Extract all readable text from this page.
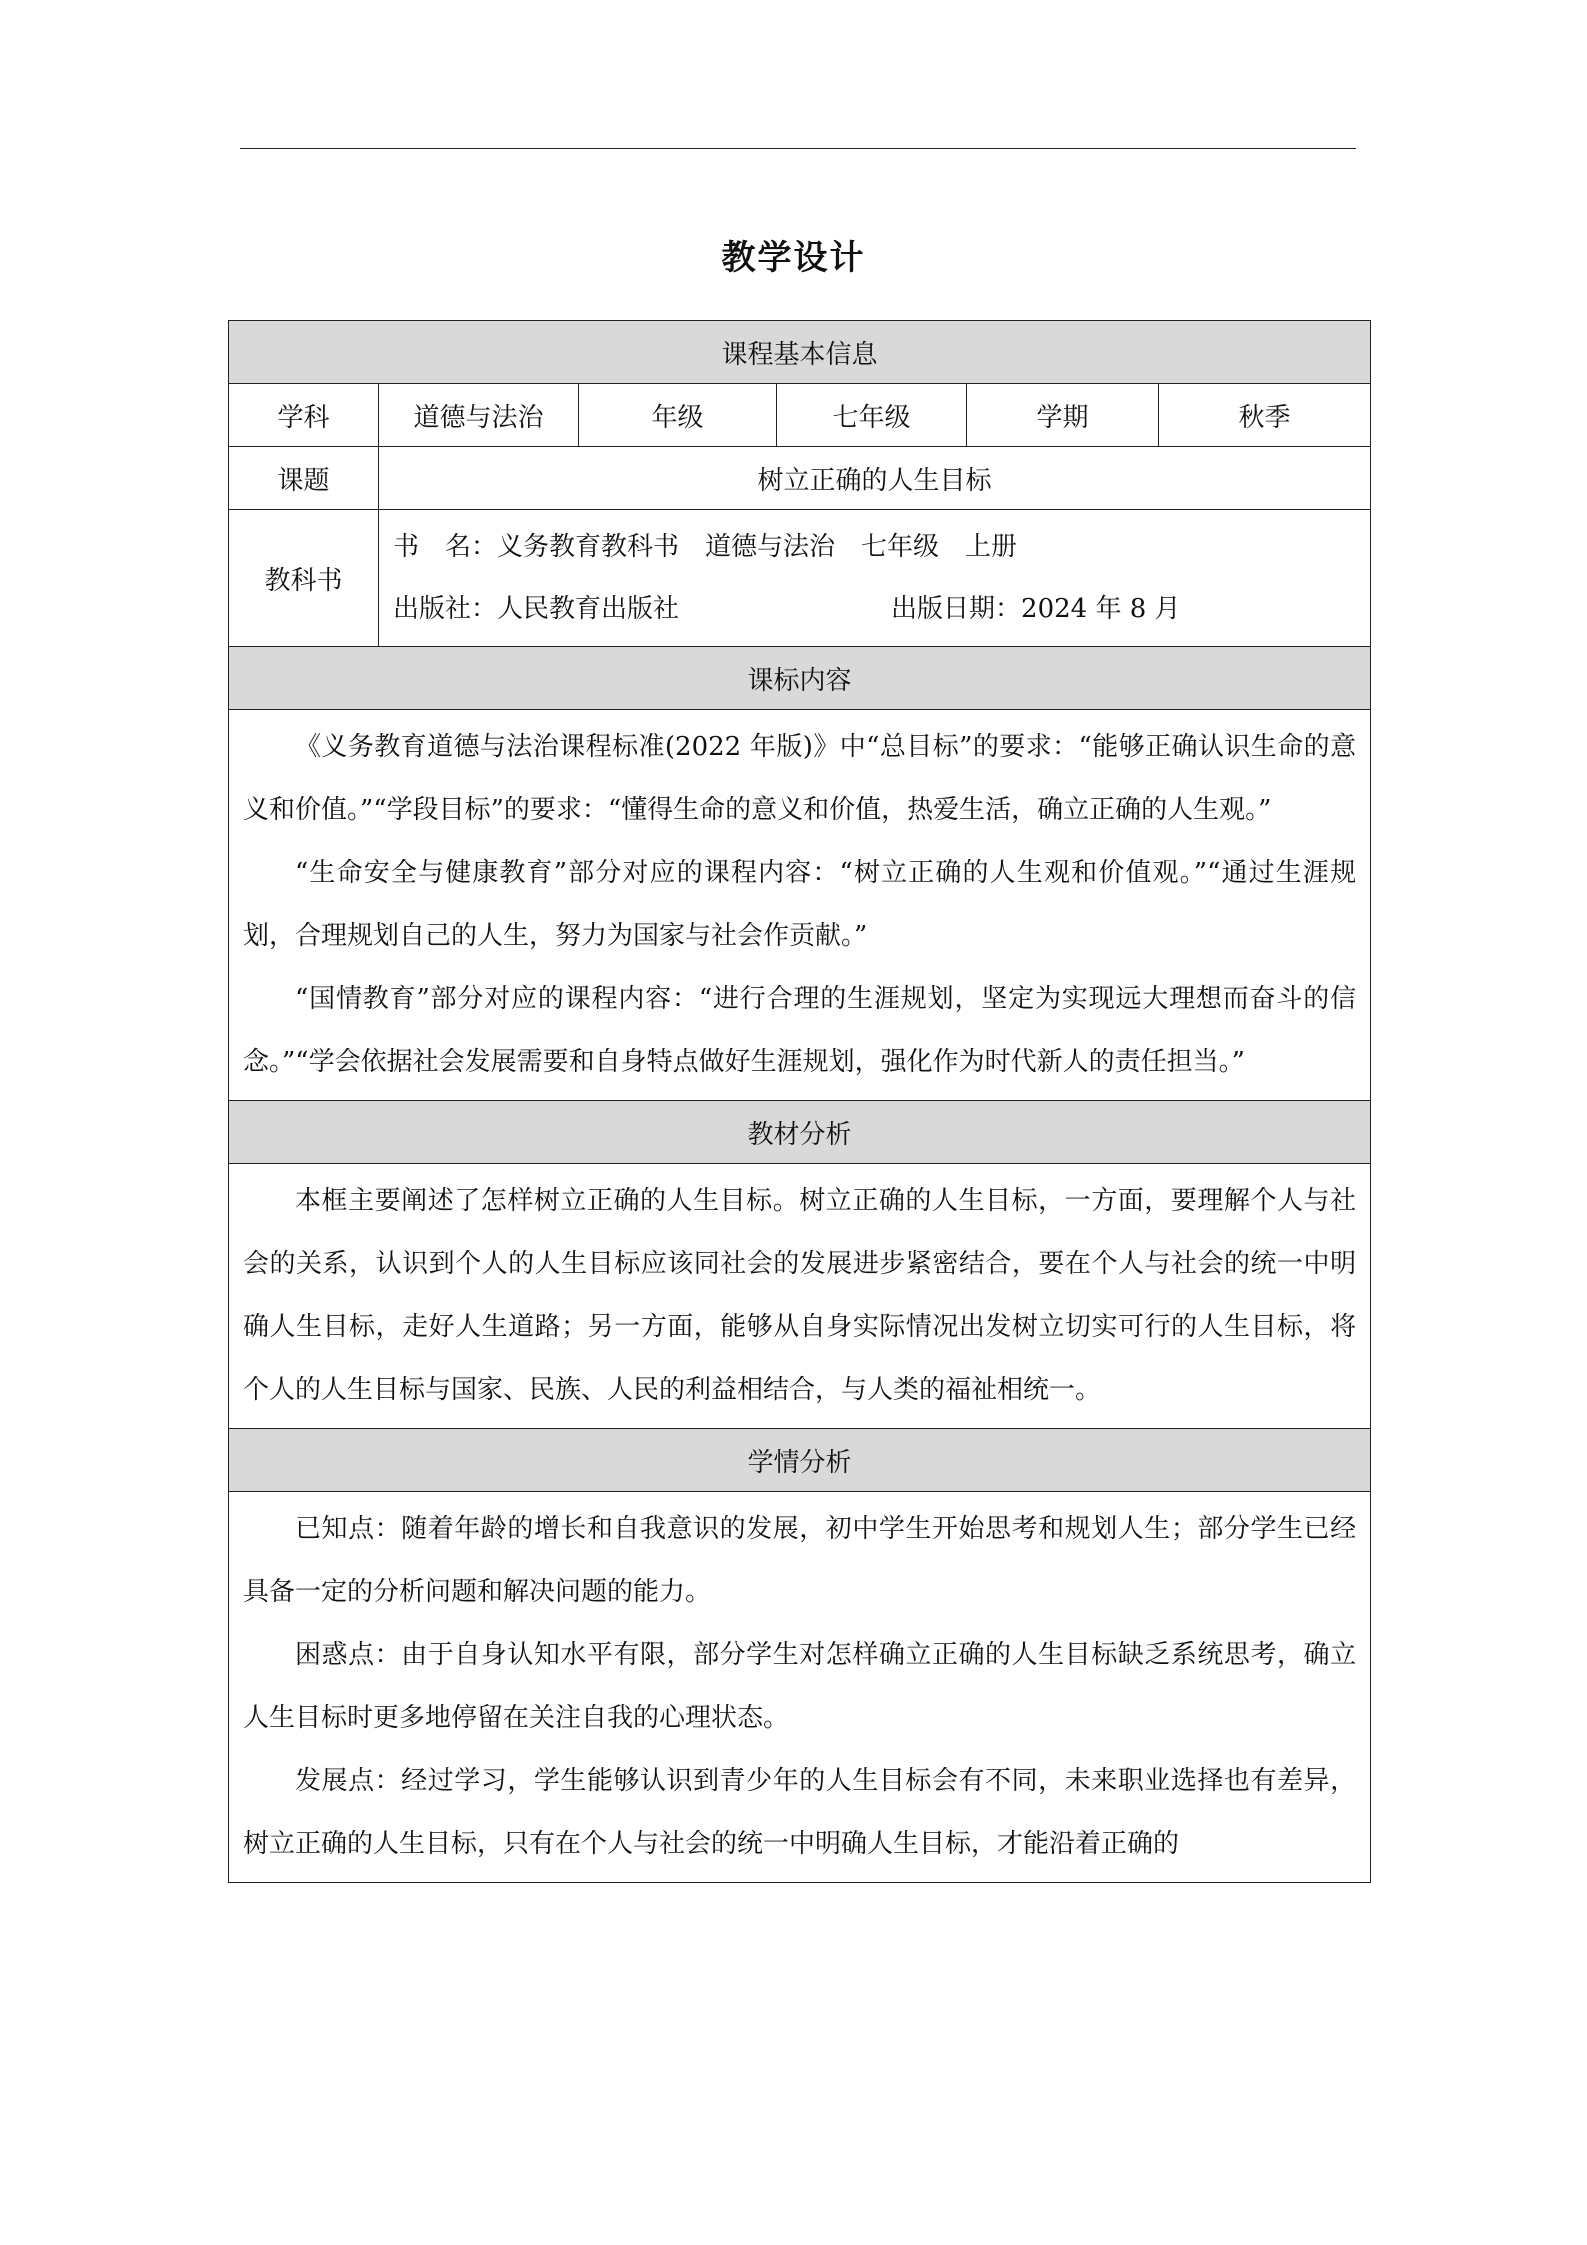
教学设计
课程基本信息					
学科	道德与法治	年级	七年级	学期	秋季
课题	树立正确的人生目标				
教科书	书　名：义务教育教科书　道德与法治　七年级　上册
出版社：人民教育出版社 出版日期：2024 年 8 月				

课标内容					

《义务教育道德与法治课程标准(2022 年版)》中“总目标”的要求：“能够正确认识生命的意义和价值。”“学段目标”的要求：“懂得生命的意义和价值，热爱生活，确立正确的人生观。”

“生命安全与健康教育”部分对应的课程内容：“树立正确的人生观和价值观。”“通过生涯规划，合理规划自己的人生，努力为国家与社会作贡献。”

“国情教育”部分对应的课程内容：“进行合理的生涯规划，坚定为实现远大理想而奋斗的信念。”“学会依据社会发展需要和自身特点做好生涯规划，强化作为时代新人的责任担当。”					

教材分析					

本框主要阐述了怎样树立正确的人生目标。树立正确的人生目标，一方面，要理解个人与社会的关系，认识到个人的人生目标应该同社会的发展进步紧密结合，要在个人与社会的统一中明确人生目标，走好人生道路；另一方面，能够从自身实际情况出发树立切实可行的人生目标，将个人的人生目标与国家、民族、人民的利益相结合，与人类的福祉相统一。					

学情分析					

已知点：随着年龄的增长和自我意识的发展，初中学生开始思考和规划人生；部分学生已经具备一定的分析问题和解决问题的能力。

困惑点：由于自身认知水平有限，部分学生对怎样确立正确的人生目标缺乏系统思考，确立人生目标时更多地停留在关注自我的心理状态。

发展点：经过学习，学生能够认识到青少年的人生目标会有不同，未来职业选择也有差异，树立正确的人生目标，只有在个人与社会的统一中明确人生目标，才能沿着正确的					
